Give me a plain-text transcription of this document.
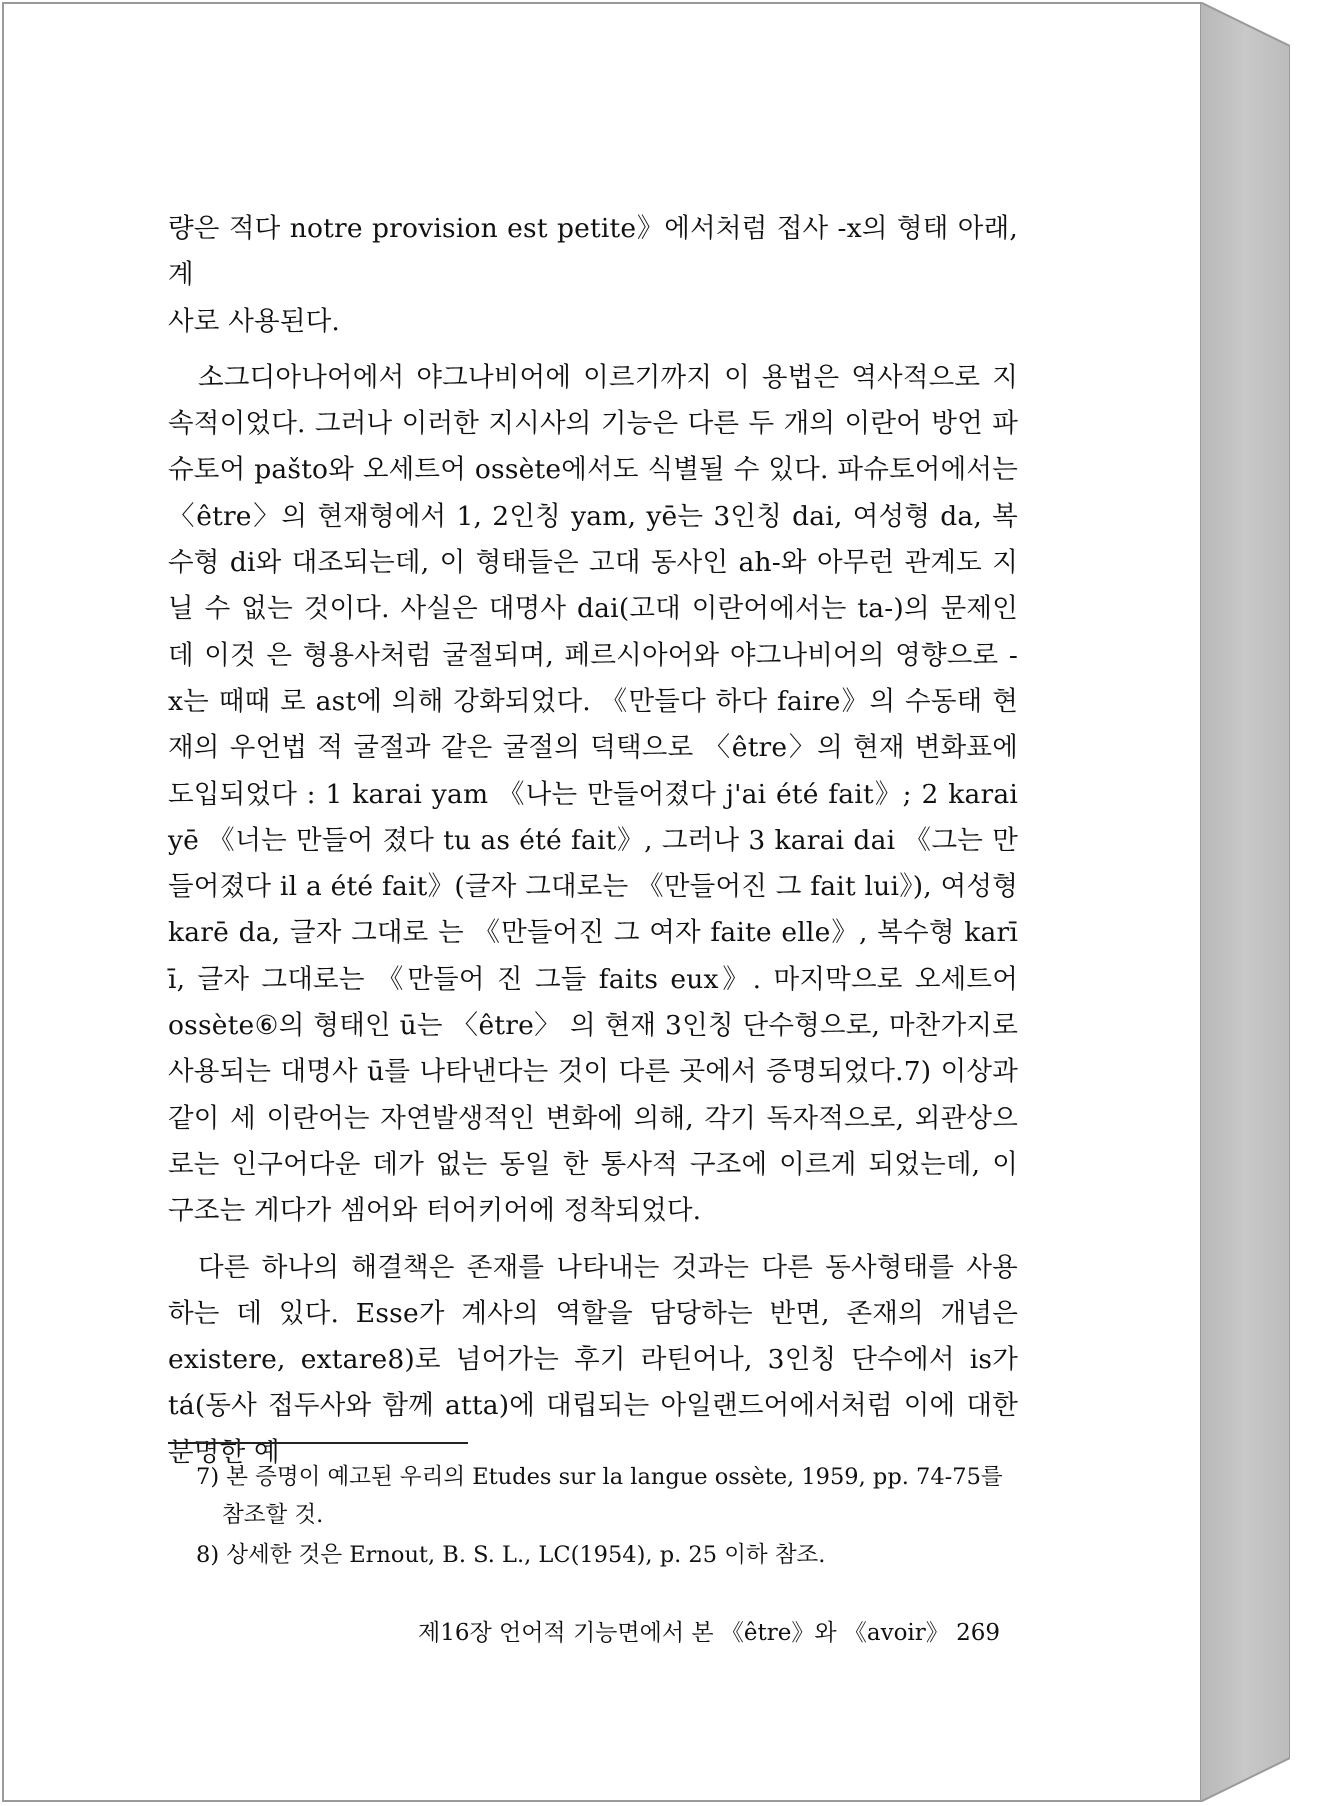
량은 적다 notre provision est petite》에서처럼 접사 -x의 형태 아래, 계
사로 사용된다.

소그디아나어에서 야그나비어에 이르기까지 이 용법은 역사적으로 지 속적이었다. 그러나 이러한 지시사의 기능은 다른 두 개의 이란어 방언 파슈토어 pašto와 오세트어 ossète에서도 식별될 수 있다. 파슈토어에서는 〈être〉의 현재형에서 1, 2인칭 yam, yē는 3인칭 dai, 여성형 da, 복수형 di와 대조되는데, 이 형태들은 고대 동사인 ah-와 아무런 관계도 지닐 수 없는 것이다. 사실은 대명사 dai(고대 이란어에서는 ta-)의 문제인데 이것 은 형용사처럼 굴절되며, 페르시아어와 야그나비어의 영향으로 -x는 때때 로 ast에 의해 강화되었다. 《만들다 하다 faire》의 수동태 현재의 우언법 적 굴절과 같은 굴절의 덕택으로 〈être〉의 현재 변화표에 도입되었다 : 1 karai yam 《나는 만들어졌다 j'ai été fait》; 2 karai yē 《너는 만들어 졌다 tu as été fait》, 그러나 3 karai dai 《그는 만들어졌다 il a été fait》(글자 그대로는 《만들어진 그 fait lui》), 여성형 karē da, 글자 그대로 는 《만들어진 그 여자 faite elle》, 복수형 karī ī, 글자 그대로는 《만들어 진 그들 faits eux》. 마지막으로 오세트어 ossète⑥의 형태인 ū는 〈être〉 의 현재 3인칭 단수형으로, 마찬가지로 사용되는 대명사 ū를 나타낸다는 것이 다른 곳에서 증명되었다.7) 이상과 같이 세 이란어는 자연발생적인 변화에 의해, 각기 독자적으로, 외관상으로는 인구어다운 데가 없는 동일 한 통사적 구조에 이르게 되었는데, 이 구조는 게다가 셈어와 터어키어에 정착되었다.

다른 하나의 해결책은 존재를 나타내는 것과는 다른 동사형태를 사용 하는 데 있다. Esse가 계사의 역할을 담당하는 반면, 존재의 개념은 existere, extare8)로 넘어가는 후기 라틴어나, 3인칭 단수에서 is가 tá(동사 접두사와 함께 atta)에 대립되는 아일랜드어에서처럼 이에 대한 분명한 예

7) 본 증명이 예고된 우리의 Etudes sur la langue ossète, 1959, pp. 74-75를 참조할 것.

8) 상세한 것은 Ernout, B. S. L., LC(1954), p. 25 이하 참조.

제16장 언어적 기능면에서 본 《être》와 《avoir》 269
